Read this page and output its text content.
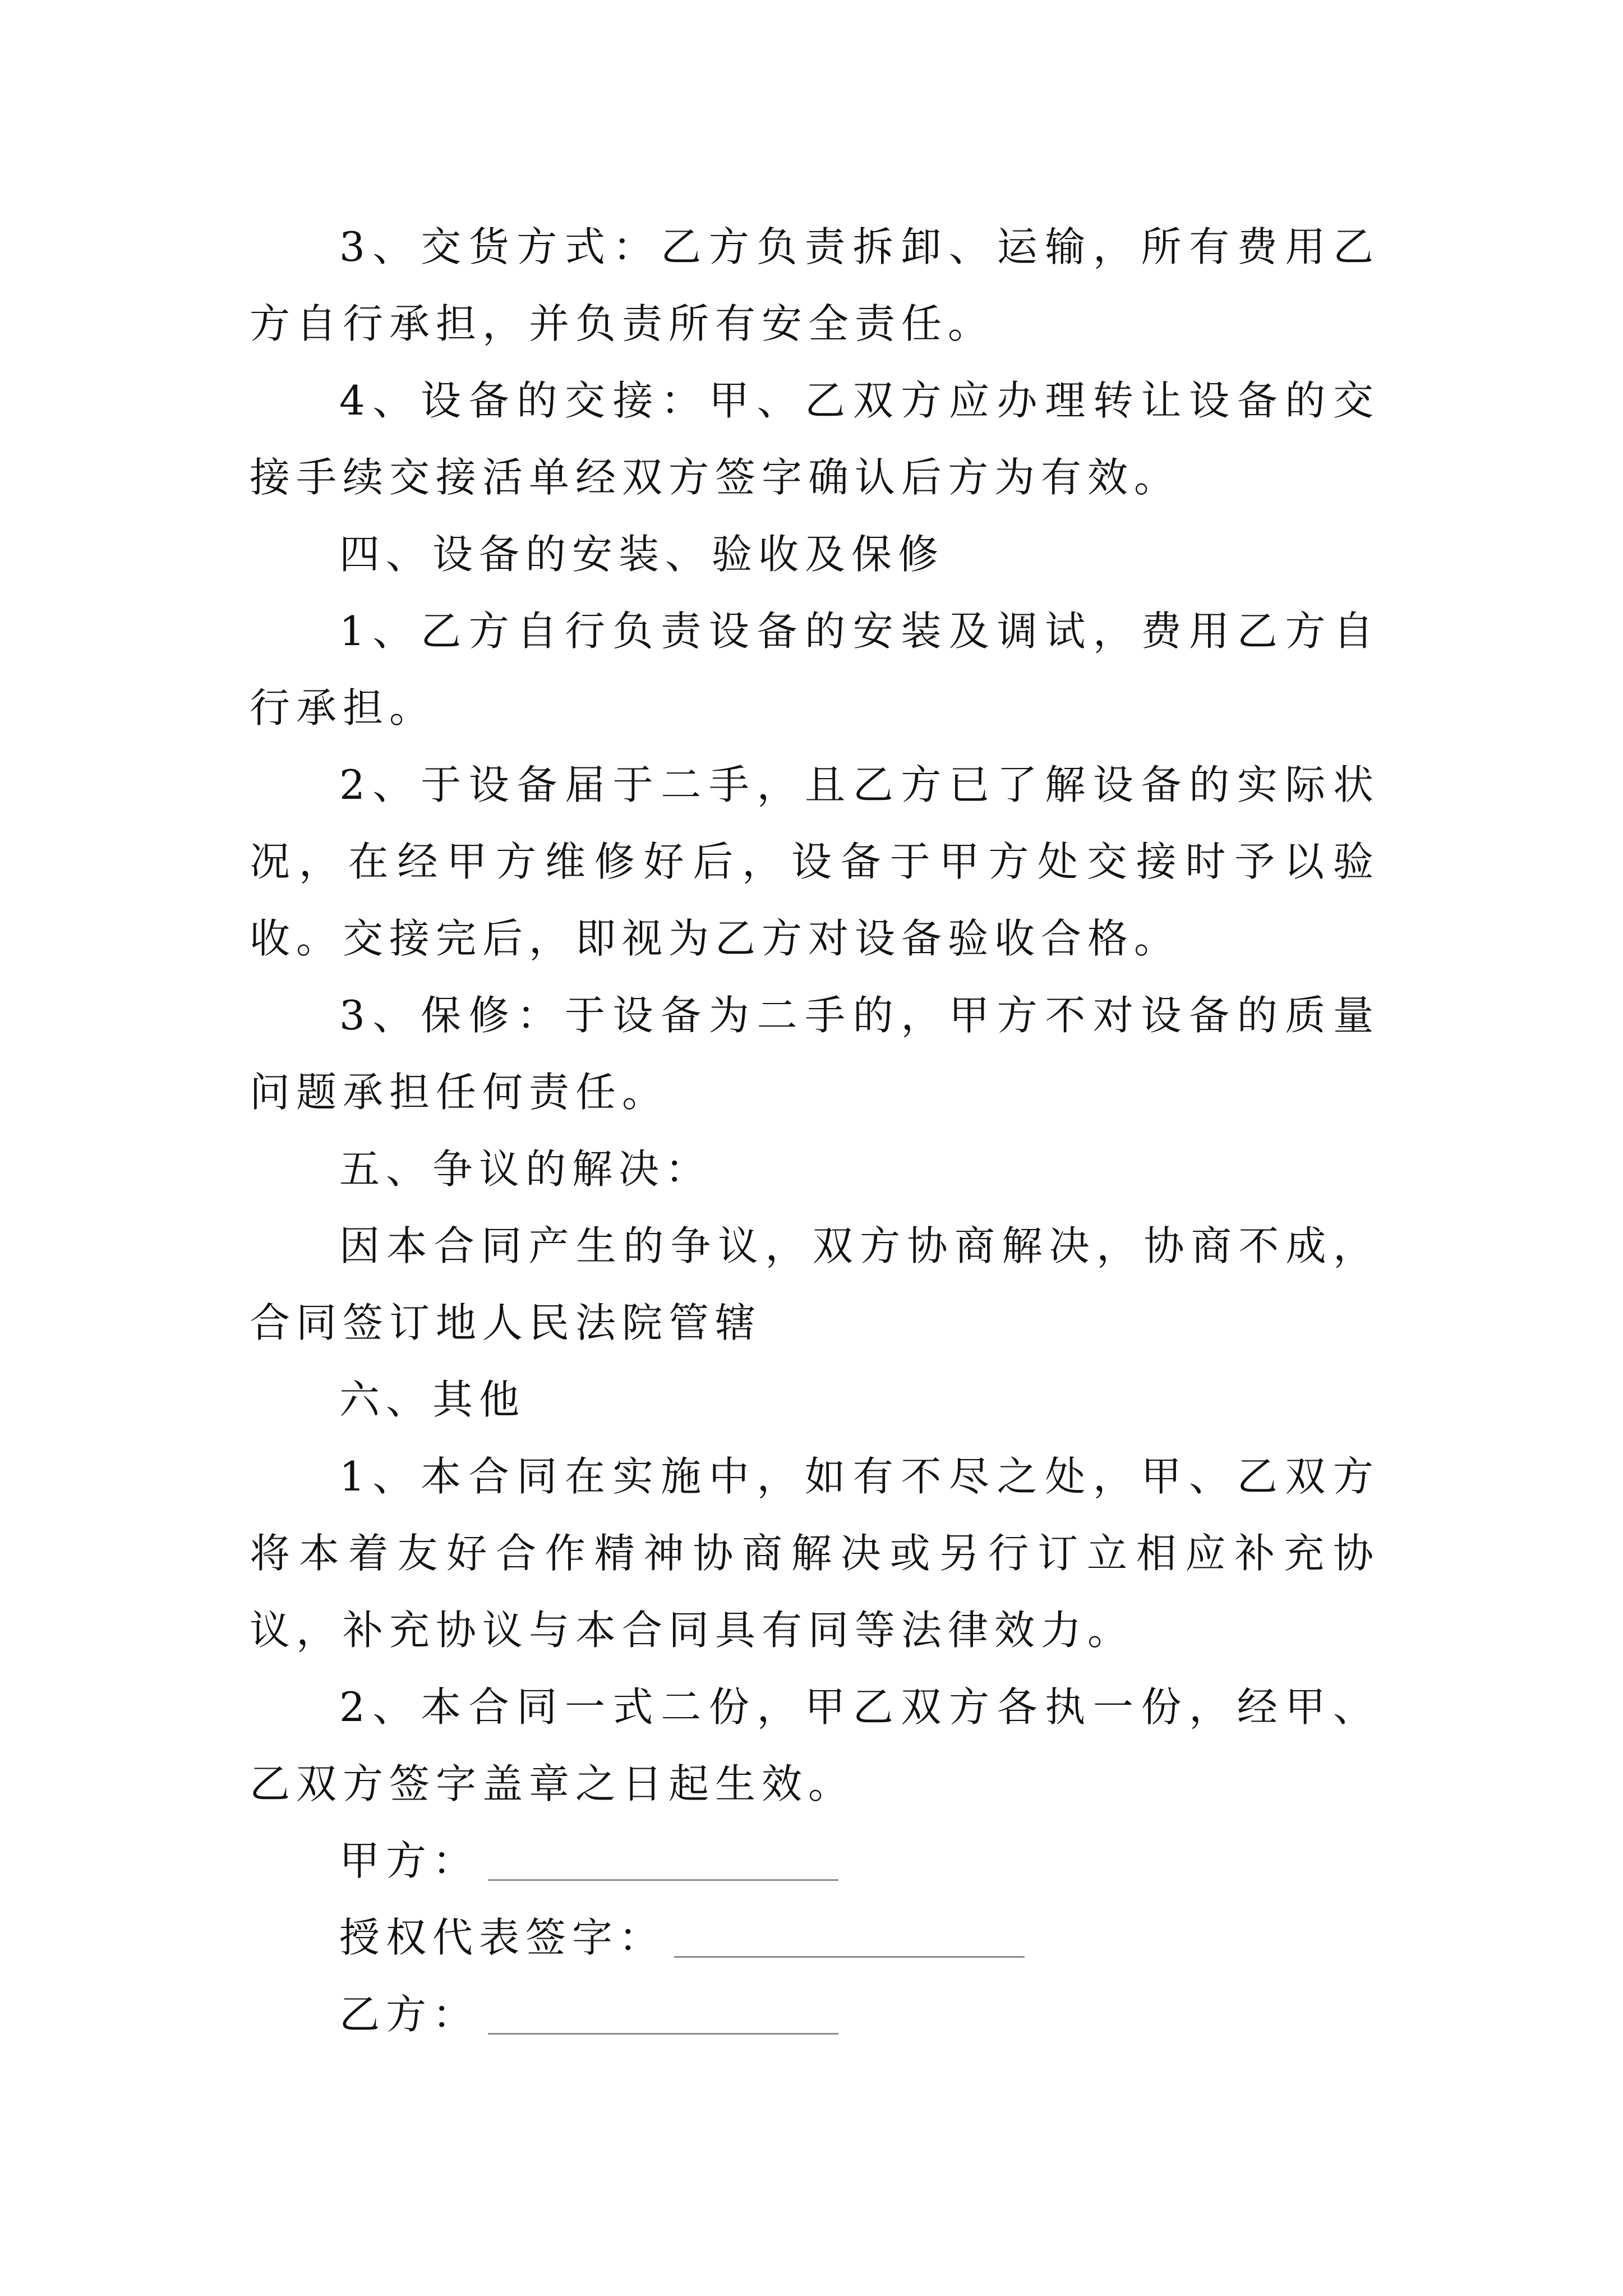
3、交货方式：乙方负责拆卸、运输，所有费用乙方自行承担，并负责所有安全责任。

4、设备的交接：甲、乙双方应办理转让设备的交接手续交接活单经双方签字确认后方为有效。

四、设备的安装、验收及保修

1、乙方自行负责设备的安装及调试，费用乙方自行承担。

2、于设备届于二手，且乙方已了解设备的实际状况，在经甲方维修好后，设备于甲方处交接时予以验收。交接完后，即视为乙方对设备验收合格。

3、保修：于设备为二手的，甲方不对设备的质量问题承担任何责任。

五、争议的解决：

因本合同产生的争议，双方协商解决，协商不成，合同签订地人民法院管辖

六、其他

1、本合同在实施中，如有不尽之处，甲、乙双方将本着友好合作精神协商解决或另行订立相应补充协议，补充协议与本合同具有同等法律效力。

2、本合同一式二份，甲乙双方各执一份，经甲、乙双方签字盖章之日起生效。

甲方：
授权代表签字：
乙方：
